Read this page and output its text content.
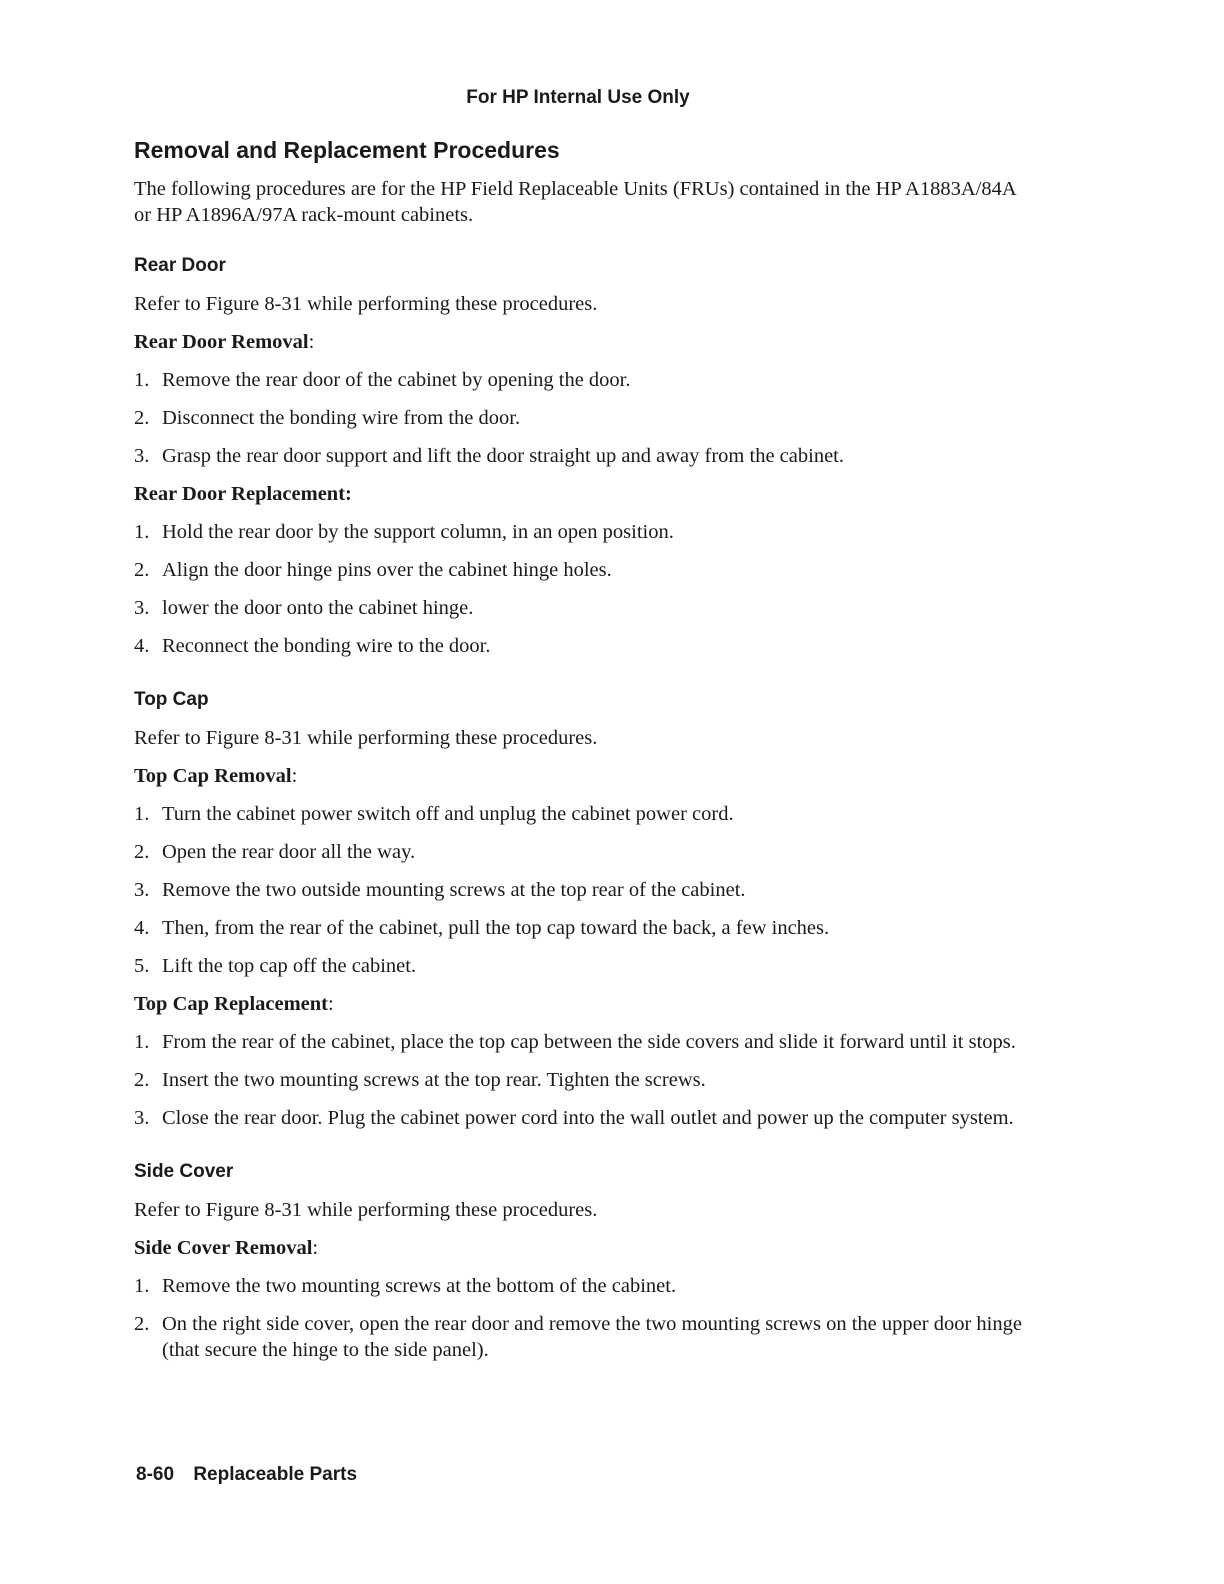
For HP Internal Use Only
Removal and Replacement Procedures

The following procedures are for the HP Field Replaceable Units (FRUs) contained in the HP A1883A/84A or HP A1896A/97A rack-mount cabinets.

Rear Door

Refer to Figure 8-31 while performing these procedures.

Rear Door Removal:

1. Remove the rear door of the cabinet by opening the door.
2. Disconnect the bonding wire from the door.
3. Grasp the rear door support and lift the door straight up and away from the cabinet.

Rear Door Replacement:

1. Hold the rear door by the support column, in an open position.
2. Align the door hinge pins over the cabinet hinge holes.
3. lower the door onto the cabinet hinge.
4. Reconnect the bonding wire to the door.
Top Cap

Refer to Figure 8-31 while performing these procedures.

Top Cap Removal:

1. Turn the cabinet power switch off and unplug the cabinet power cord.
2. Open the rear door all the way.
3. Remove the two outside mounting screws at the top rear of the cabinet.
4. Then, from the rear of the cabinet, pull the top cap toward the back, a few inches.
5. Lift the top cap off the cabinet.

Top Cap Replacement:

1. From the rear of the cabinet, place the top cap between the side covers and slide it forward until it stops.
2. Insert the two mounting screws at the top rear. Tighten the screws.
3. Close the rear door. Plug the cabinet power cord into the wall outlet and power up the computer system.
Side Cover

Refer to Figure 8-31 while performing these procedures.

Side Cover Removal:

1. Remove the two mounting screws at the bottom of the cabinet.
2. On the right side cover, open the rear door and remove the two mounting screws on the upper door hinge (that secure the hinge to the side panel).
8-60 Replaceable Parts
